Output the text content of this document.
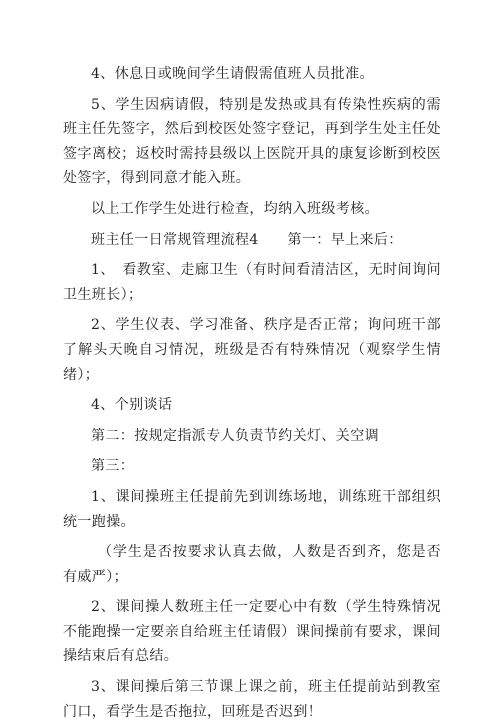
4、休息日或晚间学生请假需值班人员批准。

5、学生因病请假，特别是发热或具有传染性疾病的需班主任先签字，然后到校医处签字登记，再到学生处主任处签字离校；返校时需持县级以上医院开具的康复诊断到校医处签字，得到同意才能入班。

以上工作学生处进行检查，均纳入班级考核。

班主任一日常规管理流程4　　第一：早上来后：

1、　看教室、走廊卫生（有时间看清洁区，无时间询问卫生班长）；

2、学生仪表、学习准备、秩序是否正常；询问班干部了解头天晚自习情况，班级是否有特殊情况（观察学生情绪）；

4、个别谈话

第二：按规定指派专人负责节约关灯、关空调

第三：

1、课间操班主任提前先到训练场地，训练班干部组织统一跑操。

（学生是否按要求认真去做，人数是否到齐，您是否有威严）；

2、课间操人数班主任一定要心中有数（学生特殊情况不能跑操一定要亲自给班主任请假）课间操前有要求，课间操结束后有总结。

3、课间操后第三节课上课之前，班主任提前站到教室门口，看学生是否拖拉，回班是否迟到！
